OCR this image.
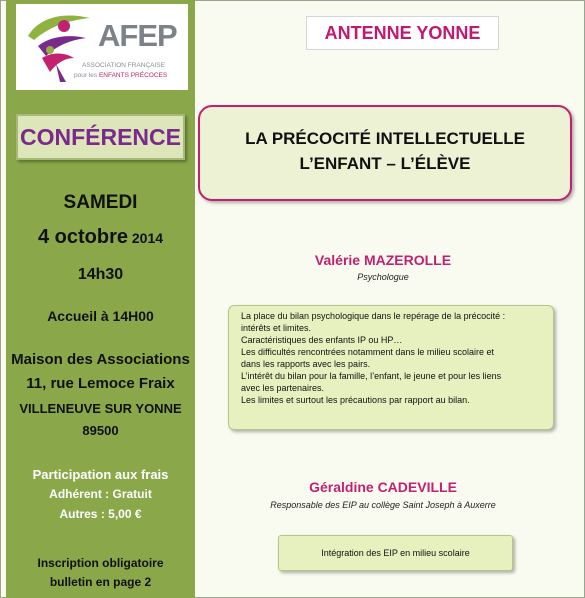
AFEP
ASSOCIATION FRANÇAISE
pour les ENFANTS PRÉCOCES
CONFÉRENCE
SAMEDI
4 octobre 2014
14h30
Accueil à 14H00
Maison des Associations
11, rue Lemoce Fraix
VILLENEUVE SUR YONNE
89500
Participation aux frais
Adhérent : Gratuit
Autres : 5,00 €
Inscription obligatoire
bulletin en page 2
ANTENNE YONNE
LA PRÉCOCITÉ INTELLECTUELLE
L’ENFANT – L’ÉLÈVE
Valérie MAZEROLLE
Psychologue
La place du bilan psychologique dans le repérage de la précocité :
intérêts et limites.
Caractéristiques des enfants IP ou HP…
Les difficultés rencontrées notamment dans le milieu scolaire et
dans les rapports avec les pairs.
L’intérêt du bilan pour la famille, l’enfant, le jeune et pour les liens
avec les partenaires.
Les limites et surtout les précautions par rapport au bilan.
Géraldine CADEVILLE
Responsable des EIP au collège Saint Joseph à Auxerre
Intégration des EIP en milieu scolaire
